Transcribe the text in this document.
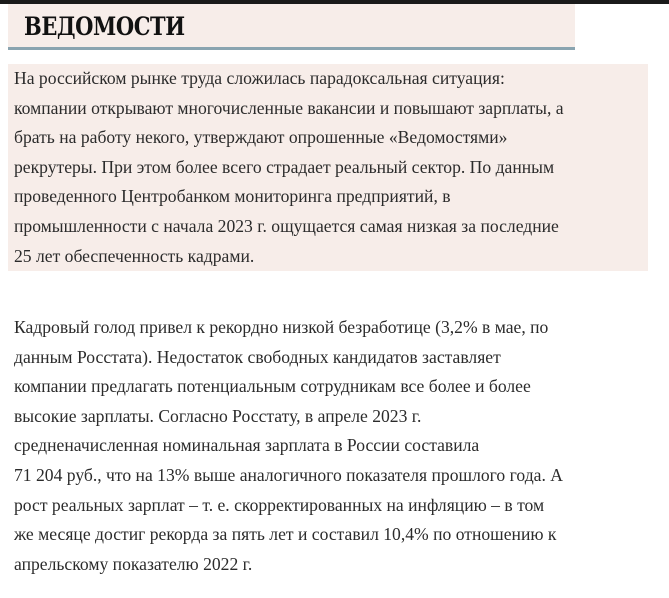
ВЕДОМОСТИ

На российском рынке труда сложилась парадоксальная ситуация:
компании открывают многочисленные вакансии и повышают зарплаты, а
брать на работу некого, утверждают опрошенные «Ведомостями»
рекрутеры. При этом более всего страдает реальный сектор. По данным
проведенного Центробанком мониторинга предприятий, в
промышленности с начала 2023 г. ощущается самая низкая за последние
25 лет обеспеченность кадрами.

Кадровый голод привел к рекордно низкой безработице (3,2% в мае, по
данным Росстата). Недостаток свободных кандидатов заставляет
компании предлагать потенциальным сотрудникам все более и более
высокие зарплаты. Согласно Росстату, в апреле 2023 г.
средненачисленная номинальная зарплата в России составила
71 204 руб., что на 13% выше аналогичного показателя прошлого года. А
рост реальных зарплат – т. е. скорректированных на инфляцию – в том
же месяце достиг рекорда за пять лет и составил 10,4% по отношению к
апрельскому показателю 2022 г.
